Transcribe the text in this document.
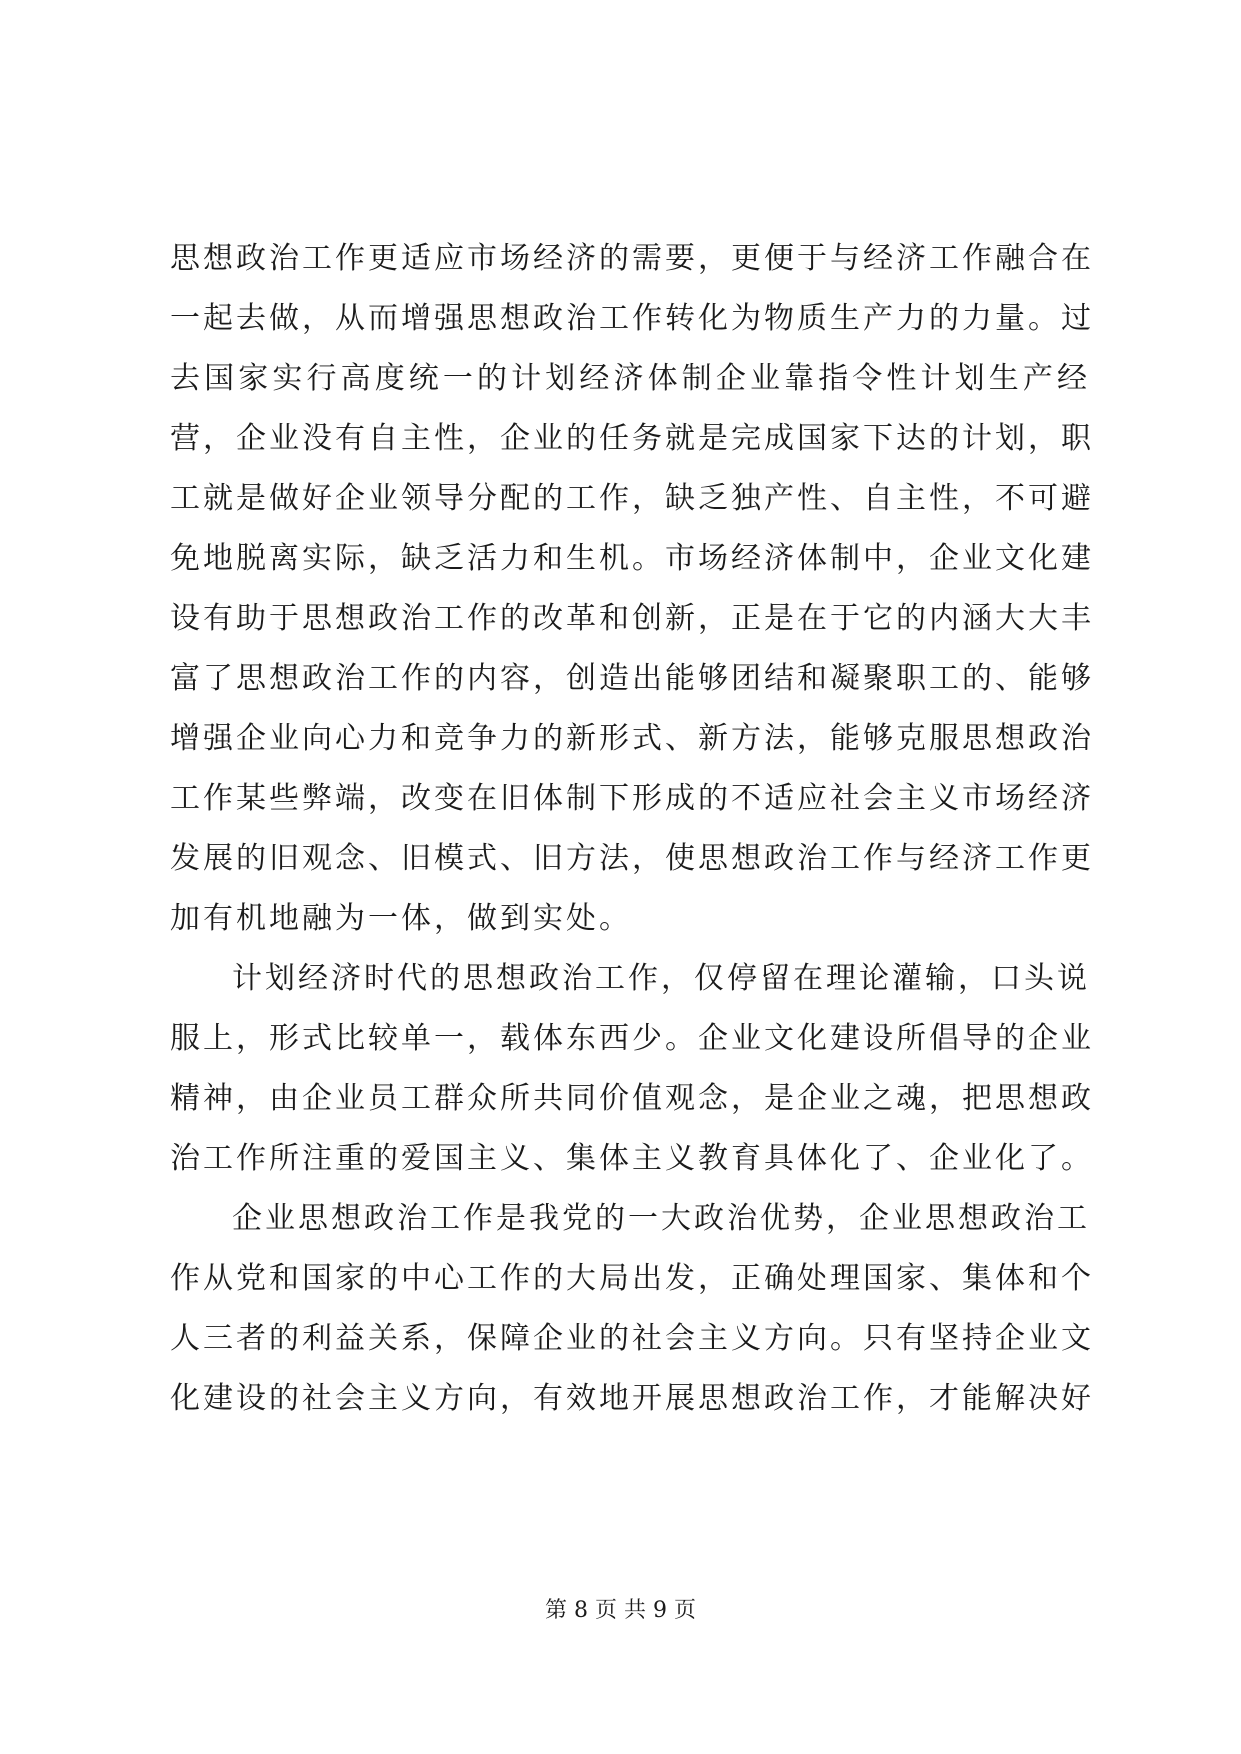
思想政治工作更适应市场经济的需要，更便于与经济工作融合在
一起去做，从而增强思想政治工作转化为物质生产力的力量。过
去国家实行高度统一的计划经济体制企业靠指令性计划生产经
营，企业没有自主性，企业的任务就是完成国家下达的计划，职
工就是做好企业领导分配的工作，缺乏独产性、自主性，不可避
免地脱离实际，缺乏活力和生机。市场经济体制中，企业文化建
设有助于思想政治工作的改革和创新，正是在于它的内涵大大丰
富了思想政治工作的内容，创造出能够团结和凝聚职工的、能够
增强企业向心力和竞争力的新形式、新方法，能够克服思想政治
工作某些弊端，改变在旧体制下形成的不适应社会主义市场经济
发展的旧观念、旧模式、旧方法，使思想政治工作与经济工作更
加有机地融为一体，做到实处。
计划经济时代的思想政治工作，仅停留在理论灌输，口头说
服上，形式比较单一，载体东西少。企业文化建设所倡导的企业
精神，由企业员工群众所共同价值观念，是企业之魂，把思想政
治工作所注重的爱国主义、集体主义教育具体化了、企业化了。
企业思想政治工作是我党的一大政治优势，企业思想政治工
作从党和国家的中心工作的大局出发，正确处理国家、集体和个
人三者的利益关系，保障企业的社会主义方向。只有坚持企业文
化建设的社会主义方向，有效地开展思想政治工作，才能解决好
第 8 页 共 9 页
